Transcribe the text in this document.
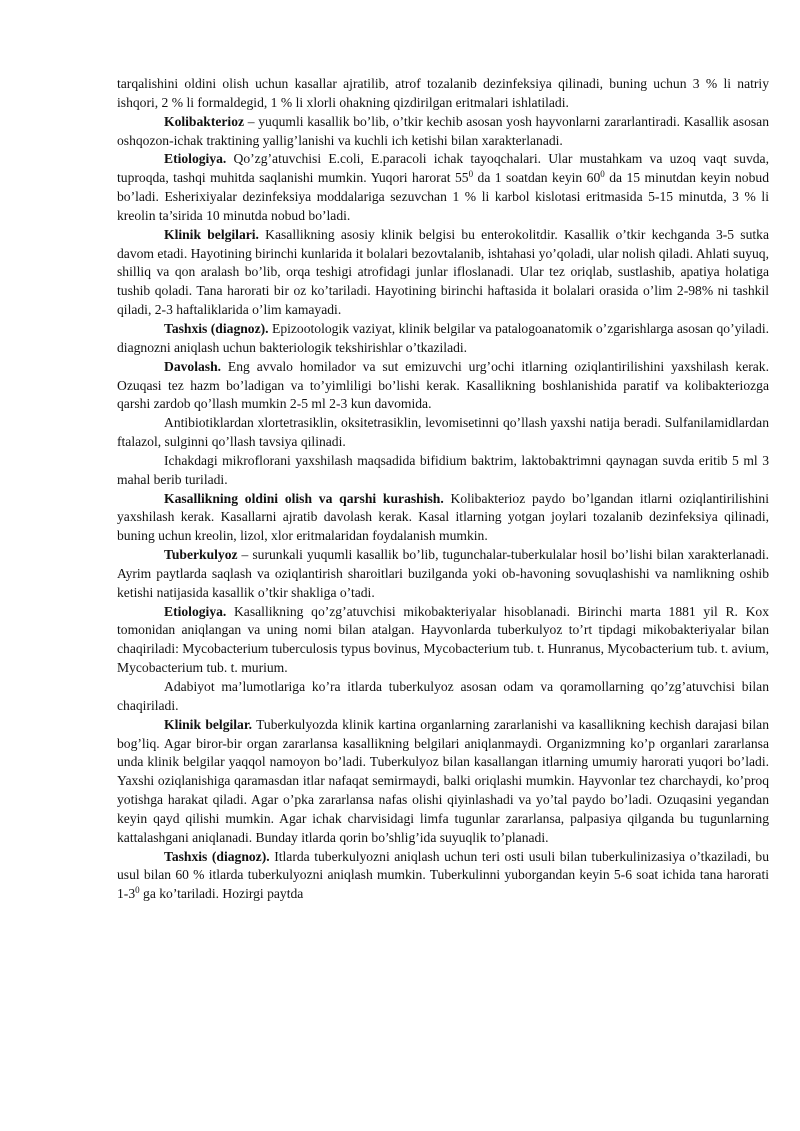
tarqalishini oldini olish uchun kasallar ajratilib, atrof tozalanib dezinfeksiya qilinadi, buning uchun 3 % li natriy ishqori, 2 % li formaldegid, 1 % li xlorli ohakning qizdirilgan eritmalari ishlatiladi.

Kolibakterioz – yuqumli kasallik bo’lib, o’tkir kechib asosan yosh hayvonlarni zararlantiradi. Kasallik asosan oshqozon-ichak traktining yallig’lanishi va kuchli ich ketishi bilan xarakterlanadi.

Etiologiya. Qo’zg’atuvchisi E.coli, E.paracoli ichak tayoqchalari. Ular mustahkam va uzoq vaqt suvda, tuproqda, tashqi muhitda saqlanishi mumkin. Yuqori harorat $55^0$ da 1 soatdan keyin $60^0$ da 15 minutdan keyin nobud bo’ladi. Esherixiyalar dezinfeksiya moddalariga sezuvchan 1 % li karbol kislotasi eritmasida 5-15 minutda, 3 % li kreolin ta’sirida 10 minutda nobud bo’ladi.

Klinik belgilari. Kasallikning asosiy klinik belgisi bu enterokolitdir. Kasallik o’tkir kechganda 3-5 sutka davom etadi. Hayotining birinchi kunlarida it bolalari bezovtalanib, ishtahasi yo’qoladi, ular nolish qiladi. Ahlati suyuq, shilliq va qon aralash bo’lib, orqa teshigi atrofidagi junlar ifloslanadi. Ular tez oriqlab, sustlashib, apatiya holatiga tushib qoladi. Tana harorati bir oz ko’tariladi. Hayotining birinchi haftasida it bolalari orasida o’lim 2-98% ni tashkil qiladi, 2-3 haftaliklarida o’lim kamayadi.

Tashxis (diagnoz). Epizootologik vaziyat, klinik belgilar va patalogoanatomik o’zgarishlarga asosan qo’yiladi. diagnozni aniqlash uchun bakteriologik tekshirishlar o’tkaziladi.

Davolash. Eng avvalo homilador va sut emizuvchi urg’ochi itlarning oziqlantirilishini yaxshilash kerak. Ozuqasi tez hazm bo’ladigan va to’yimliligi bo’lishi kerak. Kasallikning boshlanishida paratif va kolibakteriozga qarshi zardob qo’llash mumkin 2-5 ml 2-3 kun davomida.

Antibiotiklardan xlortetrasiklin, oksitetrasiklin, levomisetinni qo’llash yaxshi natija beradi. Sulfanilamidlardan ftalazol, sulginni qo’llash tavsiya qilinadi.

Ichakdagi mikroflorani yaxshilash maqsadida bifidium baktrim, laktobaktrimni qaynagan suvda eritib 5 ml 3 mahal berib turiladi.

Kasallikning oldini olish va qarshi kurashish. Kolibakterioz paydo bo’lgandan itlarni oziqlantirilishini yaxshilash kerak. Kasallarni ajratib davolash kerak. Kasal itlarning yotgan joylari tozalanib dezinfeksiya qilinadi, buning uchun kreolin, lizol, xlor eritmalaridan foydalanish mumkin.

Tuberkulyoz – surunkali yuqumli kasallik bo’lib, tugunchalar-tuberkulalar hosil bo’lishi bilan xarakterlanadi. Ayrim paytlarda saqlash va oziqlantirish sharoitlari buzilganda yoki ob-havoning sovuqlashishi va namlikning oshib ketishi natijasida kasallik o’tkir shakliga o’tadi.

Etiologiya. Kasallikning qo’zg’atuvchisi mikobakteriyalar hisoblanadi. Birinchi marta 1881 yil R. Kox tomonidan aniqlangan va uning nomi bilan atalgan. Hayvonlarda tuberkulyoz to’rt tipdagi mikobakteriyalar bilan chaqiriladi: Mycobacterium tuberculosis typus bovinus, Mycobacterium tub. t. Hunranus, Mycobacterium tub. t. avium, Mycobacterium tub. t. murium.

Adabiyot ma’lumotlariga ko’ra itlarda tuberkulyoz asosan odam va qoramollarning qo’zg’atuvchisi bilan chaqiriladi.

Klinik belgilar. Tuberkulyozda klinik kartina organlarning zararlanishi va kasallikning kechish darajasi bilan bog’liq. Agar biror-bir organ zararlansa kasallikning belgilari aniqlanmaydi. Organizmning ko’p organlari zararlansa unda klinik belgilar yaqqol namoyon bo’ladi. Tuberkulyoz bilan kasallangan itlarning umumiy harorati yuqori bo’ladi. Yaxshi oziqlanishiga qaramasdan itlar nafaqat semirmaydi, balki oriqlashi mumkin. Hayvonlar tez charchaydi, ko’proq yotishga harakat qiladi. Agar o’pka zararlansa nafas olishi qiyinlashadi va yo’tal paydo bo’ladi. Ozuqasini yegandan keyin qayd qilishi mumkin. Agar ichak charvisidagi limfa tugunlar zararlansa, palpasiya qilganda bu tugunlarning kattalashgani aniqlanadi. Bunday itlarda qorin bo’shlig’ida suyuqlik to’planadi.

Tashxis (diagnoz). Itlarda tuberkulyozni aniqlash uchun teri osti usuli bilan tuberkulinizasiya o’tkaziladi, bu usul bilan 60 % itlarda tuberkulyozni aniqlash mumkin. Tuberkulinni yuborgandan keyin 5-6 soat ichida tana harorati $1-3^0$ ga ko’tariladi. Hozirgi paytda
